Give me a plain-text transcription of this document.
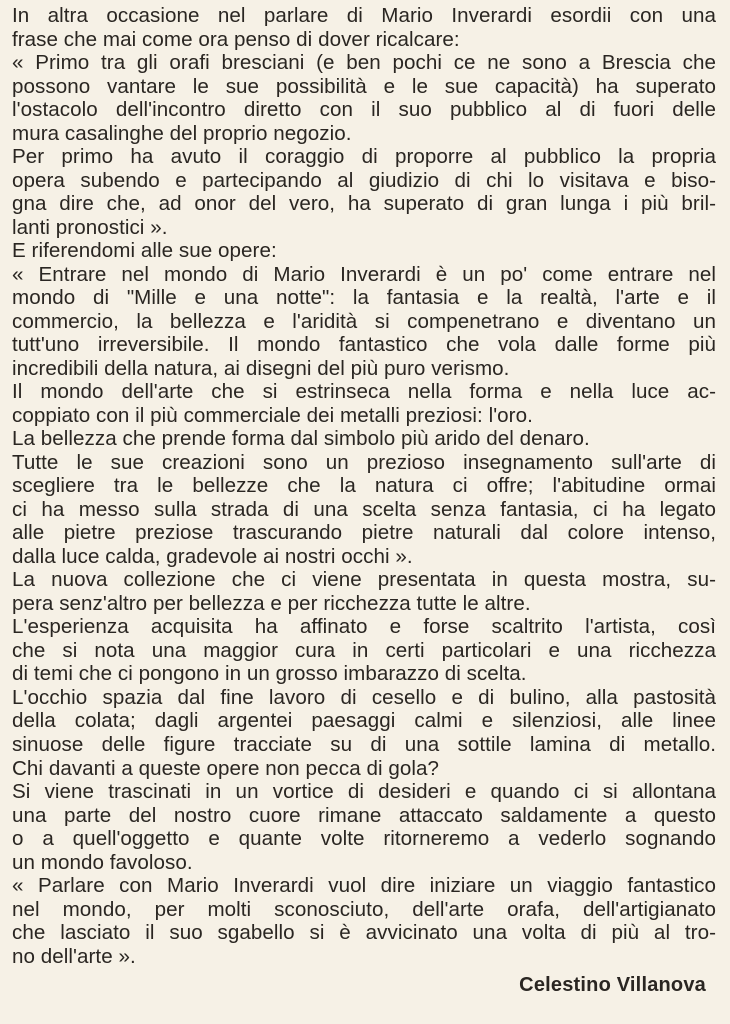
In altra occasione nel parlare di Mario Inverardi esordii con una
frase che mai come ora penso di dover ricalcare:
« Primo tra gli orafi bresciani (e ben pochi ce ne sono a Brescia che
possono vantare le sue possibilità e le sue capacità) ha superato
l'ostacolo dell'incontro diretto con il suo pubblico al di fuori delle
mura casalinghe del proprio negozio.
Per primo ha avuto il coraggio di proporre al pubblico la propria
opera subendo e partecipando al giudizio di chi lo visitava e biso-
gna dire che, ad onor del vero, ha superato di gran lunga i più bril-
lanti pronostici ».
E riferendomi alle sue opere:
« Entrare nel mondo di Mario Inverardi è un po' come entrare nel
mondo di "Mille e una notte": la fantasia e la realtà, l'arte e il
commercio, la bellezza e l'aridità si compenetrano e diventano un
tutt'uno irreversibile. Il mondo fantastico che vola dalle forme più
incredibili della natura, ai disegni del più puro verismo.
Il mondo dell'arte che si estrinseca nella forma e nella luce ac-
coppiato con il più commerciale dei metalli preziosi: l'oro.
La bellezza che prende forma dal simbolo più arido del denaro.
Tutte le sue creazioni sono un prezioso insegnamento sull'arte di
scegliere tra le bellezze che la natura ci offre; l'abitudine ormai
ci ha messo sulla strada di una scelta senza fantasia, ci ha legato
alle pietre preziose trascurando pietre naturali dal colore intenso,
dalla luce calda, gradevole ai nostri occhi ».
La nuova collezione che ci viene presentata in questa mostra, su-
pera senz'altro per bellezza e per ricchezza tutte le altre.
L'esperienza acquisita ha affinato e forse scaltrito l'artista, così
che si nota una maggior cura in certi particolari e una ricchezza
di temi che ci pongono in un grosso imbarazzo di scelta.
L'occhio spazia dal fine lavoro di cesello e di bulino, alla pastosità
della colata; dagli argentei paesaggi calmi e silenziosi, alle linee
sinuose delle figure tracciate su di una sottile lamina di metallo.
Chi davanti a queste opere non pecca di gola?
Si viene trascinati in un vortice di desideri e quando ci si allontana
una parte del nostro cuore rimane attaccato saldamente a questo
o a quell'oggetto e quante volte ritorneremo a vederlo sognando
un mondo favoloso.
« Parlare con Mario Inverardi vuol dire iniziare un viaggio fantastico
nel mondo, per molti sconosciuto, dell'arte orafa, dell'artigianato
che lasciato il suo sgabello si è avvicinato una volta di più al tro-
no dell'arte ».
Celestino Villanova
